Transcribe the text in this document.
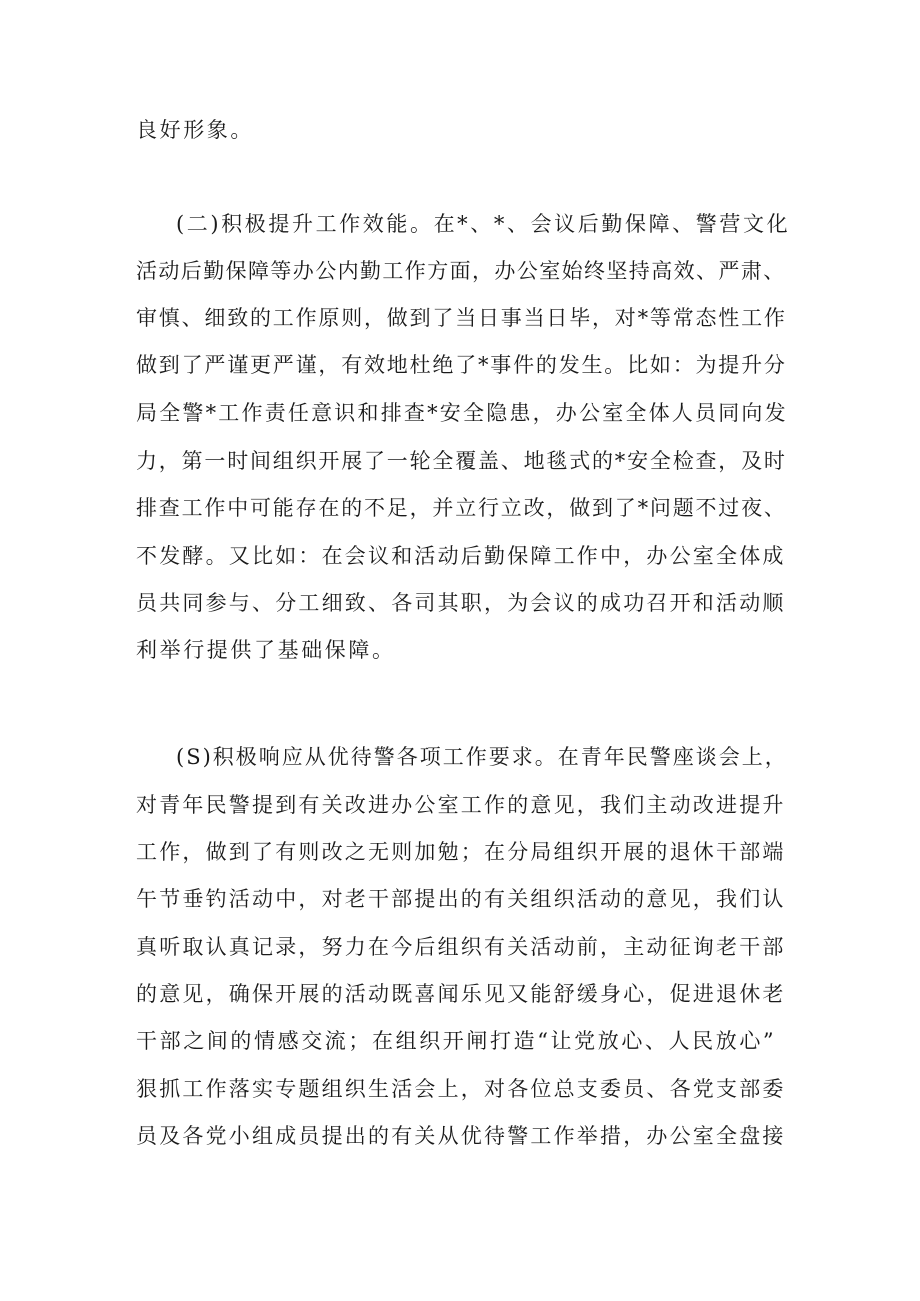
良好形象。
(二)积极提升工作效能。在*、*、会议后勤保障、警营文化
活动后勤保障等办公内勤工作方面，办公室始终坚持高效、严肃、
审慎、细致的工作原则，做到了当日事当日毕，对*等常态性工作
做到了严谨更严谨，有效地杜绝了*事件的发生。比如：为提升分
局全警*工作责任意识和排查*安全隐患，办公室全体人员同向发
力，第一时间组织开展了一轮全覆盖、地毯式的*安全检查，及时
排查工作中可能存在的不足，并立行立改，做到了*问题不过夜、
不发酵。又比如：在会议和活动后勤保障工作中，办公室全体成
员共同参与、分工细致、各司其职，为会议的成功召开和活动顺
利举行提供了基础保障。
(S)积极响应从优待警各项工作要求。在青年民警座谈会上，
对青年民警提到有关改进办公室工作的意见，我们主动改进提升
工作，做到了有则改之无则加勉；在分局组织开展的退休干部端
午节垂钓活动中，对老干部提出的有关组织活动的意见，我们认
真听取认真记录，努力在今后组织有关活动前，主动征询老干部
的意见，确保开展的活动既喜闻乐见又能舒缓身心，促进退休老
干部之间的情感交流；在组织开闸打造“让党放心、人民放心”
狠抓工作落实专题组织生活会上，对各位总支委员、各党支部委
员及各党小组成员提出的有关从优待警工作举措，办公室全盘接
